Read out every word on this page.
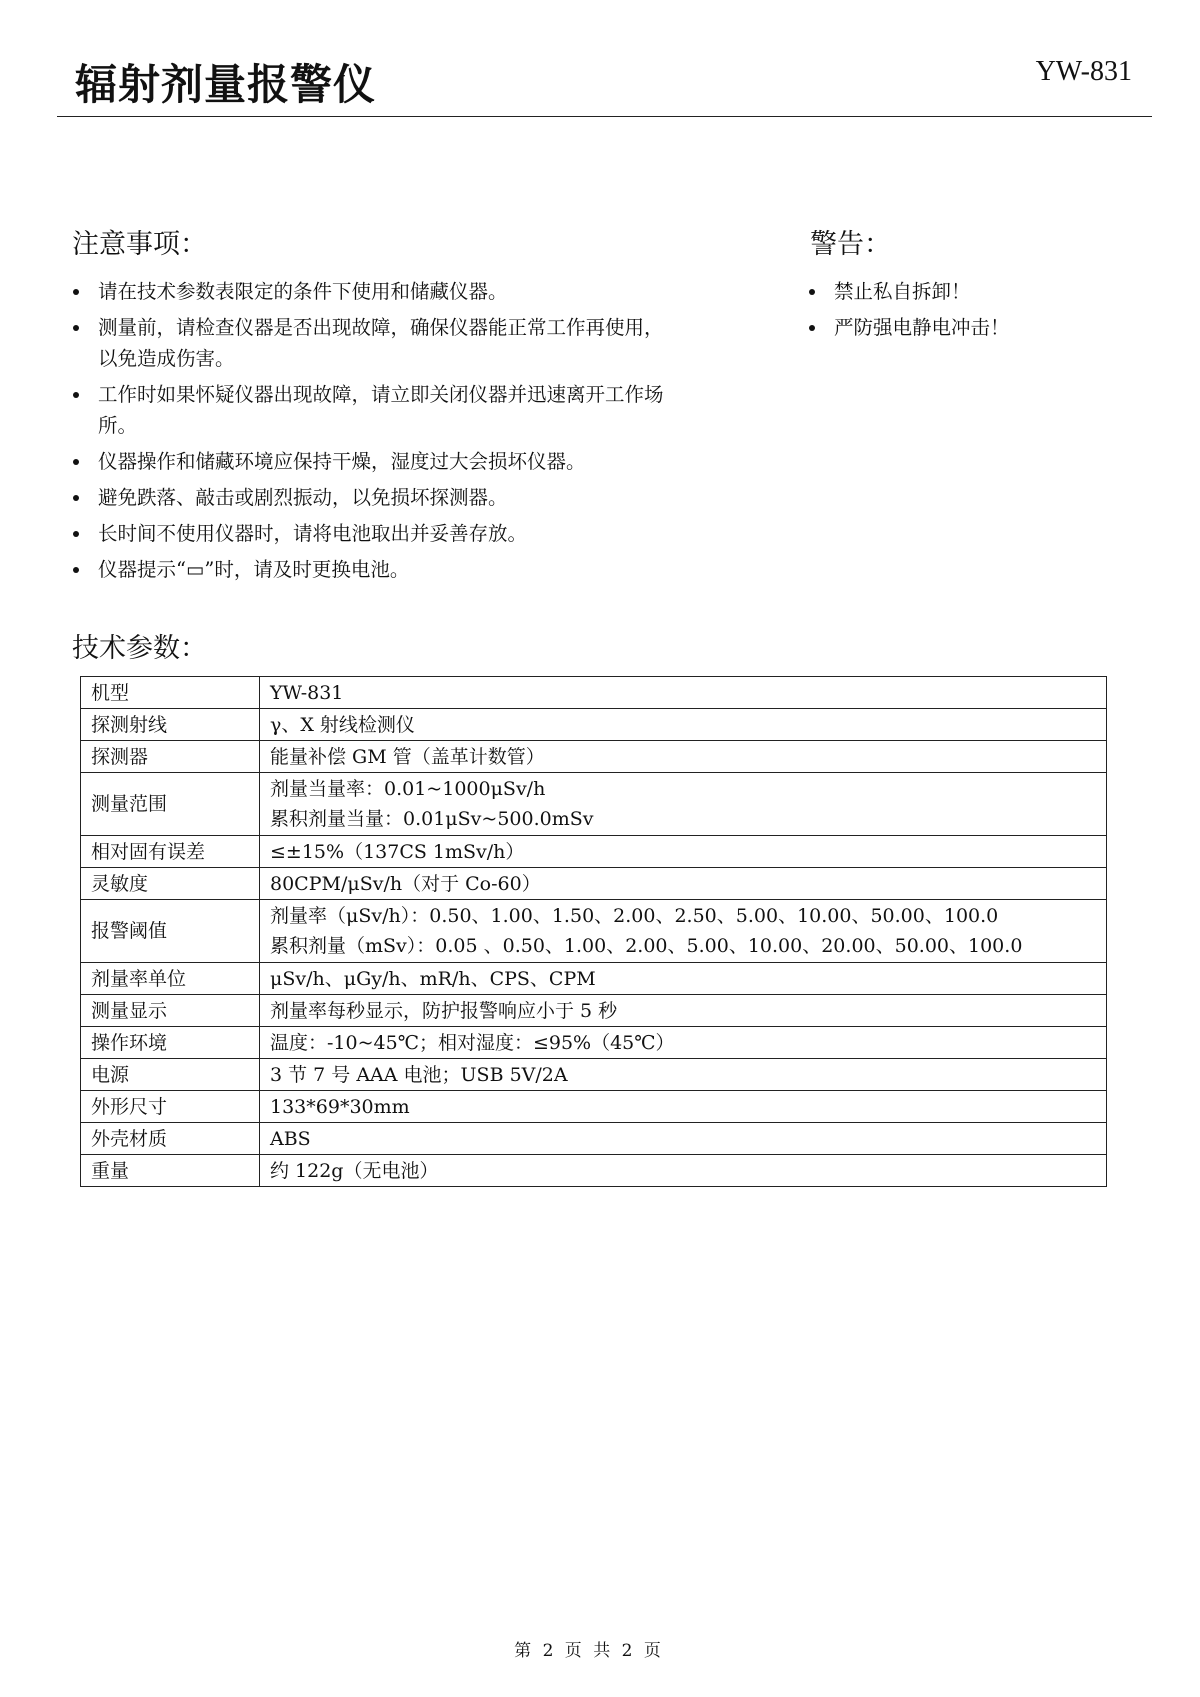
辐射剂量报警仪	YW-831
注意事项：
请在技术参数表限定的条件下使用和储藏仪器。
测量前，请检查仪器是否出现故障，确保仪器能正常工作再使用，以免造成伤害。
工作时如果怀疑仪器出现故障，请立即关闭仪器并迅速离开工作场所。
仪器操作和储藏环境应保持干燥，湿度过大会损坏仪器。
避免跌落、敲击或剧烈振动，以免损坏探测器。
长时间不使用仪器时，请将电池取出并妥善存放。
仪器提示“▭”时，请及时更换电池。
警告：
禁止私自拆卸！
严防强电静电冲击！
技术参数：
机型	YW-831

探测射线	γ、X 射线检测仪

探测器	能量补偿 GM 管（盖革计数管）

测量范围	剂量当量率：0.01~1000μSv/h
累积剂量当量：0.01μSv~500.0mSv

相对固有误差	≤±15%（137CS 1mSv/h）

灵敏度	80CPM/μSv/h（对于 Co-60）

报警阈值	剂量率（μSv/h）：0.50、1.00、1.50、2.00、2.50、5.00、10.00、50.00、100.0
累积剂量（mSv）：0.05 、0.50、1.00、2.00、5.00、10.00、20.00、50.00、100.0

剂量率单位	μSv/h、μGy/h、mR/h、CPS、CPM

测量显示	剂量率每秒显示，防护报警响应小于 5 秒

操作环境	温度：-10~45℃；相对湿度：≤95%（45℃）

电源	3 节 7 号 AAA 电池；USB 5V/2A

外形尺寸	133*69*30mm

外壳材质	ABS

重量	约 122g（无电池）
第 2 页 共 2 页
